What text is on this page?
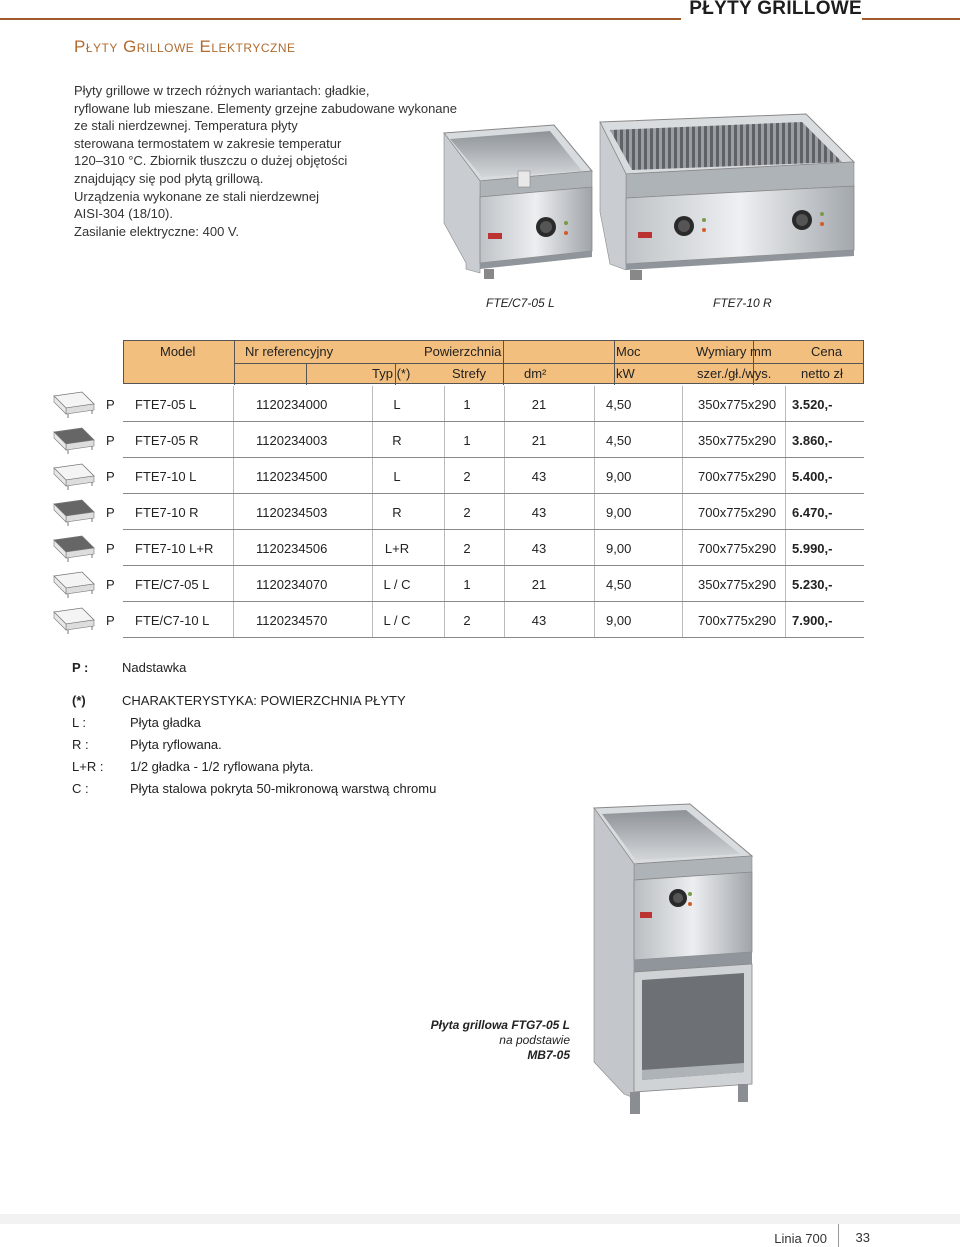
PŁYTY GRILLOWE
Płyty Grillowe Elektryczne

Płyty grillowe w trzech różnych wariantach: gładkie,

ryflowane lub mieszane. Elementy grzejne zabudowane wykonane

ze stali nierdzewnej. Temperatura płyty

sterowana termostatem w zakresie temperatur

120–310 °C. Zbiornik tłuszczu o dużej objętości

znajdujący się pod płytą grillową.

Urządzenia wykonane ze stali nierdzewnej

AISI-304 (18/10).

Zasilanie elektryczne: 400 V.

FTE/C7-05 L	FTE7-10 R
Model	Nr referencyjny	Powierzchnia	Moc	Wymiary mm	Cena
Typ (*)	Strefy	dm²	kW	szer./gł./wys. netto zł
P FTE7-05 L	1120234000	L	1	21	4,50	350x775x290 3.520,-
P FTE7-05 R	1120234003	R	1	21	4,50	350x775x290 3.860,-
P FTE7-10 L	1120234500	L	2	43	9,00	700x775x290 5.400,-
P FTE7-10 R	1120234503	R	2	43	9,00	700x775x290 6.470,-
P FTE7-10 L+R	1120234506	L+R	2	43	9,00	700x775x290 5.990,-
P FTE/C7-05 L	1120234070	L / C	1	21	4,50	350x775x290 5.230,-
P FTE/C7-10 L	1120234570	L / C	2	43	9,00	700x775x290 7.900,-
P :	Nadstawka
(*)	CHARAKTERYSTYKA: POWIERZCHNIA PŁYTY
L :	Płyta gładka
R :	Płyta ryflowana.
L+R : 1/2 gładka - 1/2 ryflowana płyta.
C :	Płyta stalowa pokryta 50-mikronową warstwą chromu
Płyta grillowa FTG7-05 L
na podstawie
MB7-05
Linia 700 33
